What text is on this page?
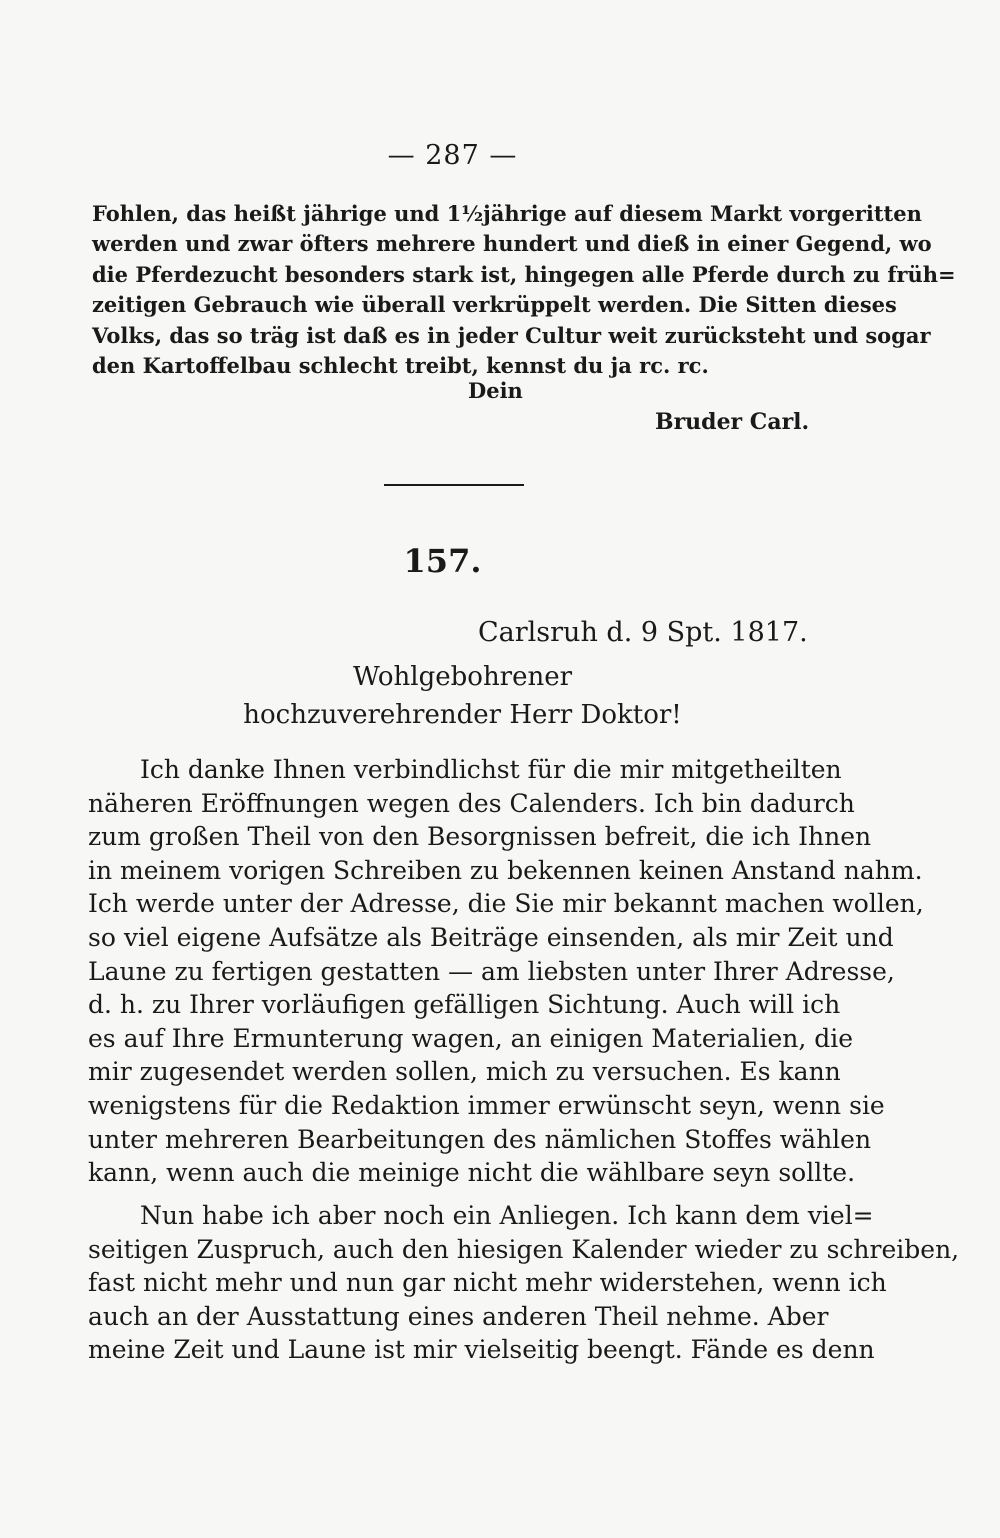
— 287 —
Fohlen, das heißt jährige und 1½jährige auf diesem Markt vorgeritten
werden und zwar öfters mehrere hundert und dieß in einer Gegend, wo
die Pferdezucht besonders stark ist, hingegen alle Pferde durch zu früh=
zeitigen Gebrauch wie überall verkrüppelt werden. Die Sitten dieses
Volks, das so träg ist daß es in jeder Cultur weit zurücksteht und sogar
den Kartoffelbau schlecht treibt, kennst du ja rc. rc.
Dein
Bruder Carl.
157.
Carlsruh d. 9 Spt. 1817.
Wohlgebohrener
hochzuverehrender Herr Doktor!
Ich danke Ihnen verbindlichst für die mir mitgetheilten
näheren Eröffnungen wegen des Calenders. Ich bin dadurch
zum großen Theil von den Besorgnissen befreit, die ich Ihnen
in meinem vorigen Schreiben zu bekennen keinen Anstand nahm.
Ich werde unter der Adresse, die Sie mir bekannt machen wollen,
so viel eigene Aufsätze als Beiträge einsenden, als mir Zeit und
Laune zu fertigen gestatten — am liebsten unter Ihrer Adresse,
d. h. zu Ihrer vorläufigen gefälligen Sichtung. Auch will ich
es auf Ihre Ermunterung wagen, an einigen Materialien, die
mir zugesendet werden sollen, mich zu versuchen. Es kann
wenigstens für die Redaktion immer erwünscht seyn, wenn sie
unter mehreren Bearbeitungen des nämlichen Stoffes wählen
kann, wenn auch die meinige nicht die wählbare seyn sollte.
Nun habe ich aber noch ein Anliegen. Ich kann dem viel=
seitigen Zuspruch, auch den hiesigen Kalender wieder zu schreiben,
fast nicht mehr und nun gar nicht mehr widerstehen, wenn ich
auch an der Ausstattung eines anderen Theil nehme. Aber
meine Zeit und Laune ist mir vielseitig beengt. Fände es denn
